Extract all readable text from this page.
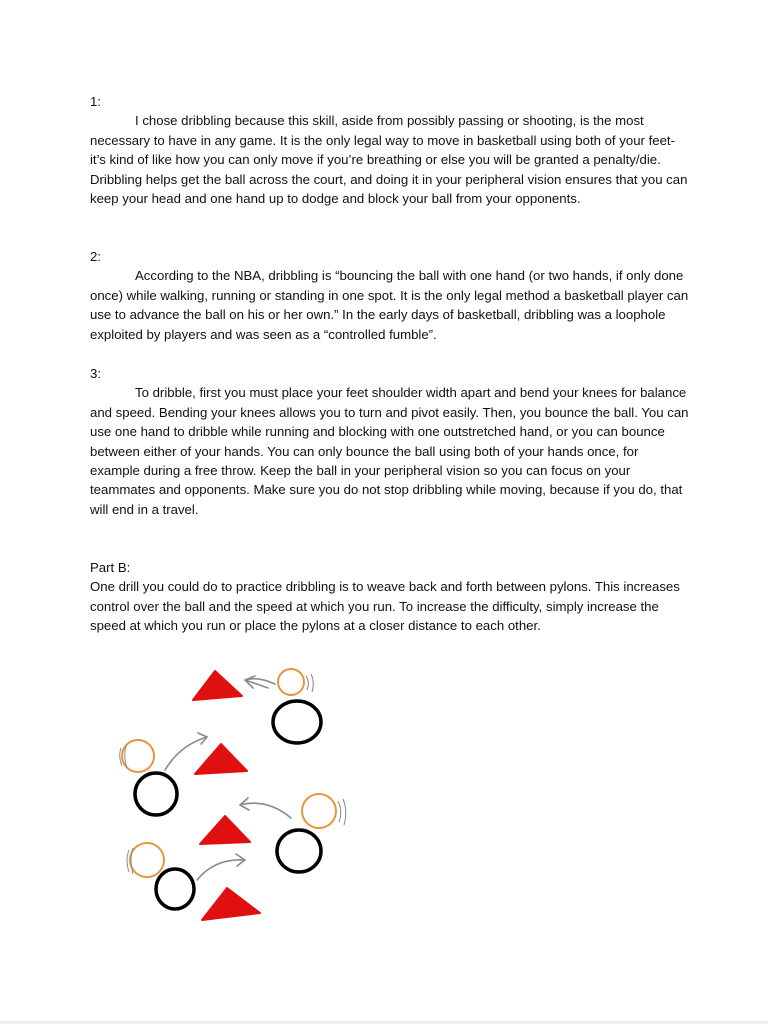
1:

I chose dribbling because this skill, aside from possibly passing or shooting, is the most necessary to have in any game. It is the only legal way to move in basketball using both of your feet- it’s kind of like how you can only move if you’re breathing or else you will be granted a penalty/die. Dribbling helps get the ball across the court, and doing it in your peripheral vision ensures that you can keep your head and one hand up to dodge and block your ball from your opponents.

2:

According to the NBA, dribbling is “bouncing the ball with one hand (or two hands, if only done once) while walking, running or standing in one spot. It is the only legal method a basketball player can use to advance the ball on his or her own.” In the early days of basketball, dribbling was a loophole exploited by players and was seen as a “controlled fumble”.

3:

To dribble, first you must place your feet shoulder width apart and bend your knees for balance and speed. Bending your knees allows you to turn and pivot easily. Then, you bounce the ball. You can use one hand to dribble while running and blocking with one outstretched hand, or you can bounce between either of your hands. You can only bounce the ball using both of your hands once, for example during a free throw. Keep the ball in your peripheral vision so you can focus on your teammates and opponents. Make sure you do not stop dribbling while moving, because if you do, that will end in a travel.

Part B:

One drill you could do to practice dribbling is to weave back and forth between pylons. This increases control over the ball and the speed at which you run. To increase the difficulty, simply increase the speed at which you run or place the pylons at a closer distance to each other.
